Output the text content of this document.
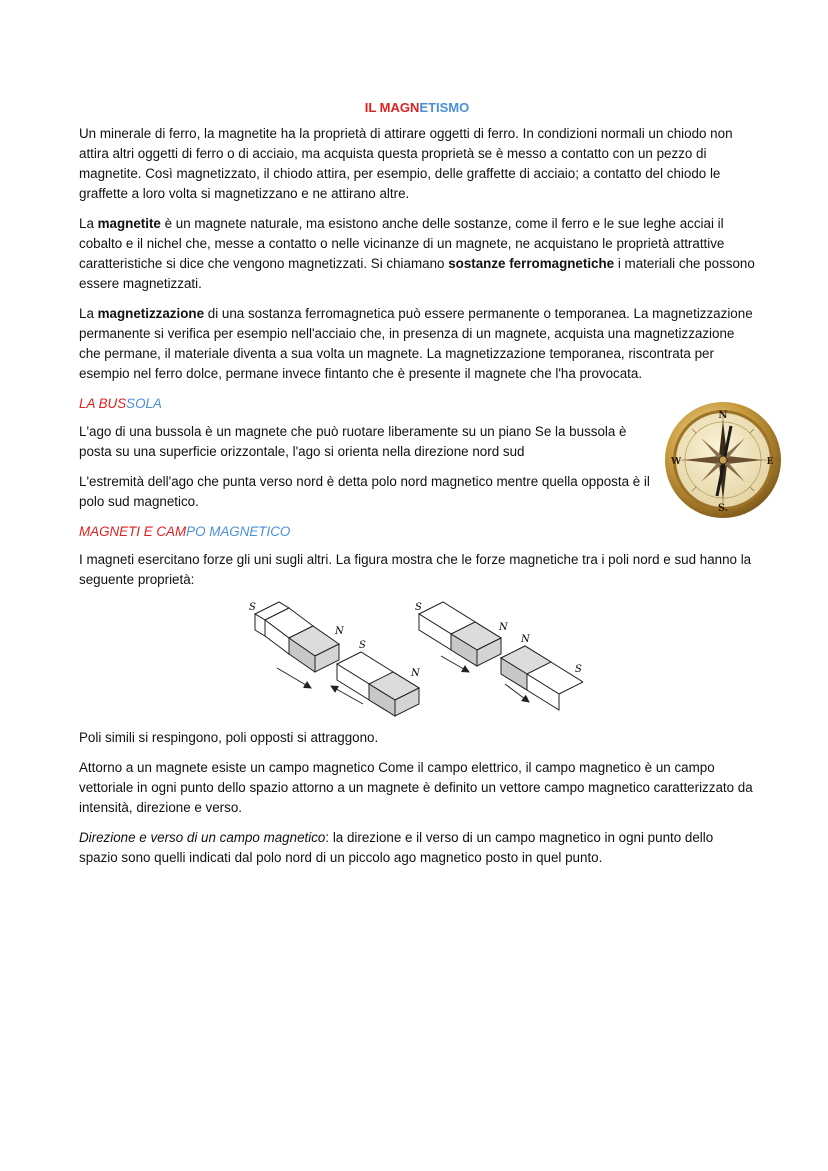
IL MAGNETISMO

Un minerale di ferro, la magnetite ha la proprietà di attirare oggetti di ferro. In condizioni normali un chiodo non attira altri oggetti di ferro o di acciaio, ma acquista questa proprietà se è messo a contatto con un pezzo di magnetite. Così magnetizzato, il chiodo attira, per esempio, delle graffette di acciaio; a contatto del chiodo le graffette a loro volta si magnetizzano e ne attirano altre.

La magnetite è un magnete naturale, ma esistono anche delle sostanze, come il ferro e le sue leghe acciai il cobalto e il nichel che, messe a contatto o nelle vicinanze di un magnete, ne acquistano le proprietà attrattive caratteristiche si dice che vengono magnetizzati. Si chiamano sostanze ferromagnetiche i materiali che possono essere magnetizzati.

La magnetizzazione di una sostanza ferromagnetica può essere permanente o temporanea. La magnetizzazione permanente si verifica per esempio nell'acciaio che, in presenza di un magnete, acquista una magnetizzazione che permane, il materiale diventa a sua volta un magnete. La magnetizzazione temporanea, riscontrata per esempio nel ferro dolce, permane invece fintanto che è presente il magnete che l'ha provocata.

LA BUSSOLA

L'ago di una bussola è un magnete che può ruotare liberamente su un piano Se la bussola è posta su una superficie orizzontale, l'ago si orienta nella direzione nord sud

L'estremità dell'ago che punta verso nord è detta polo nord magnetico mentre quella opposta è il polo sud magnetico.

N
S.
E
W
MAGNETI E CAMPO MAGNETICO

I magneti esercitano forze gli uni sugli altri. La figura mostra che le forze magnetiche tra i poli nord e sud hanno la seguente proprietà:

S
N
S
N
S
N
N
S

Poli simili si respingono, poli opposti si attraggono.

Attorno a un magnete esiste un campo magnetico Come il campo elettrico, il campo magnetico è un campo vettoriale in ogni punto dello spazio attorno a un magnete è definito un vettore campo magnetico caratterizzato da intensità, direzione e verso.

Direzione e verso di un campo magnetico: la direzione e il verso di un campo magnetico in ogni punto dello spazio sono quelli indicati dal polo nord di un piccolo ago magnetico posto in quel punto.
